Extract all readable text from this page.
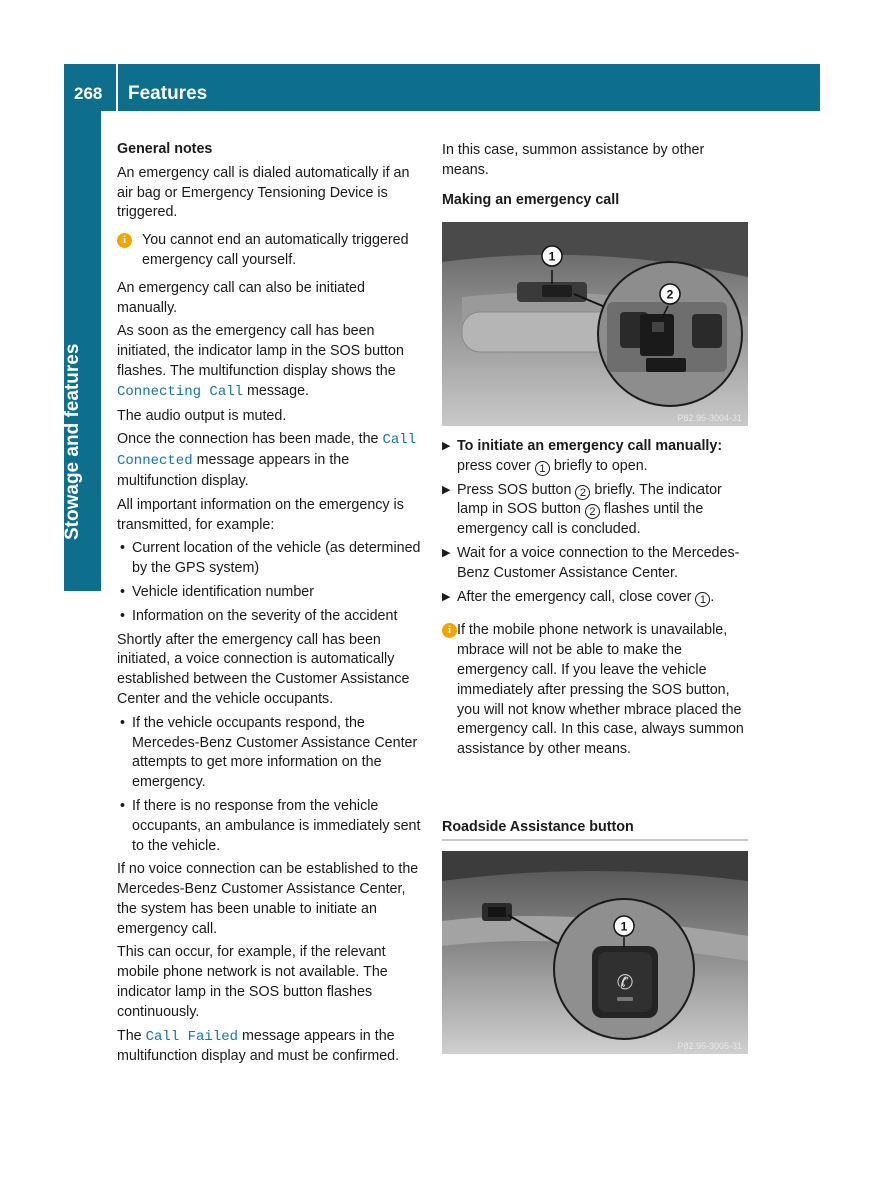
268 Features
Stowage and features

General notes

An emergency call is dialed automatically if an air bag or Emergency Tensioning Device is triggered.

i	You cannot end an automatically triggered emergency call yourself.

An emergency call can also be initiated manually.

As soon as the emergency call has been initiated, the indicator lamp in the SOS button flashes. The multifunction display shows the Connecting Call message.

The audio output is muted.

Once the connection has been made, the Call Connected message appears in the multifunction display.

All important information on the emergency is transmitted, for example:

• Current location of the vehicle (as determined by the GPS system)
• Vehicle identification number
• Information on the severity of the accident

Shortly after the emergency call has been initiated, a voice connection is automatically established between the Customer Assistance Center and the vehicle occupants.

• If the vehicle occupants respond, the Mercedes-Benz Customer Assistance Center attempts to get more information on the emergency.
• If there is no response from the vehicle occupants, an ambulance is immediately sent to the vehicle.

If no voice connection can be established to the Mercedes-Benz Customer Assistance Center, the system has been unable to initiate an emergency call.

This can occur, for example, if the relevant mobile phone network is not available. The indicator lamp in the SOS button flashes continuously.

The Call Failed message appears in the multifunction display and must be confirmed.

In this case, summon assistance by other means.

Making an emergency call

1
2
P82.95-3004-31
▶ To initiate an emergency call manually: press cover 1 briefly to open.
▶ Press SOS button 2 briefly. The indicator lamp in SOS button 2 flashes until the emergency call is concluded.
▶ Wait for a voice connection to the Mercedes-Benz Customer Assistance Center.
▶ After the emergency call, close cover 1 .
i If the mobile phone network is unavailable, mbrace will not be able to make the emergency call. If you leave the vehicle immediately after pressing the SOS button, you will not know whether mbrace placed the emergency call. In this case, always summon assistance by other means.
Roadside Assistance button
✆
1
P82.95-3005-31
